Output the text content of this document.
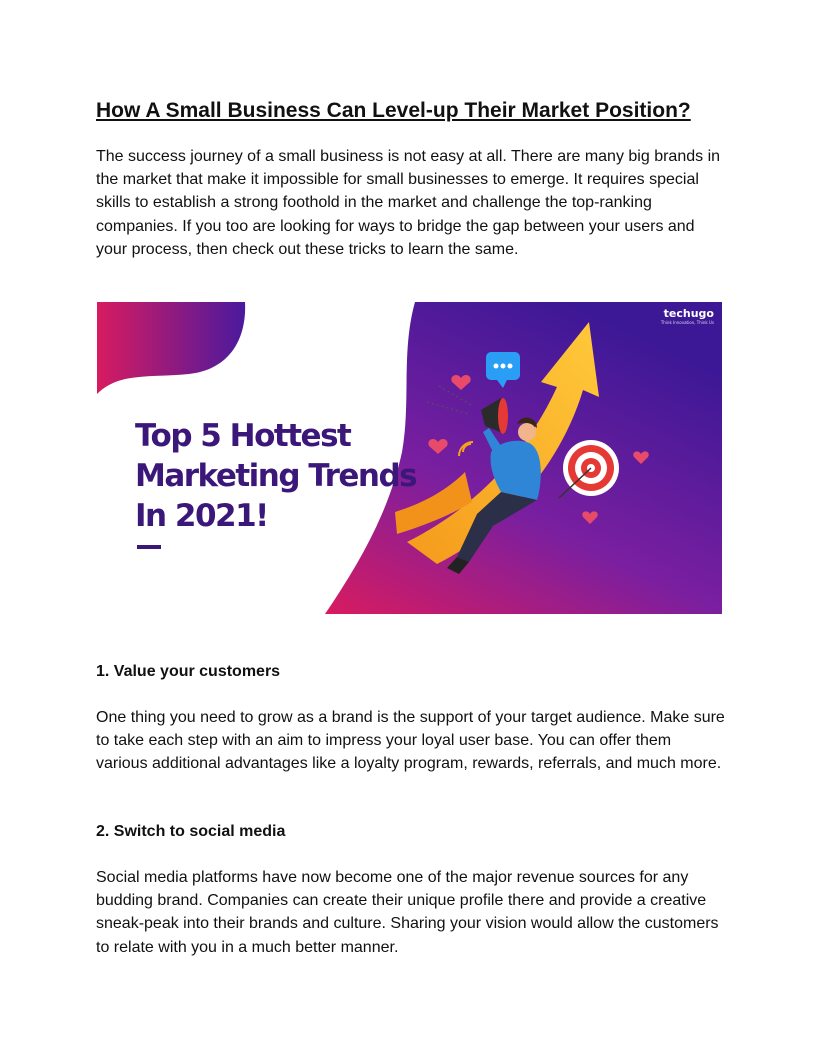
How A Small Business Can Level-up Their Market Position?

The success journey of a small business is not easy at all. There are many big brands in the market that make it impossible for small businesses to emerge. It requires special skills to establish a strong foothold in the market and challenge the top-ranking companies. If you too are looking for ways to bridge the gap between your users and your process, then check out these tricks to learn the same.

Top 5 Hottest
Marketing Trends
In 2021!
techugo
Think Innovation, Think Us
1. Value your customers

One thing you need to grow as a brand is the support of your target audience. Make sure to take each step with an aim to impress your loyal user base. You can offer them various additional advantages like a loyalty program, rewards, referrals, and much more.

2. Switch to social media

Social media platforms have now become one of the major revenue sources for any budding brand. Companies can create their unique profile there and provide a creative sneak-peak into their brands and culture. Sharing your vision would allow the customers to relate with you in a much better manner.
